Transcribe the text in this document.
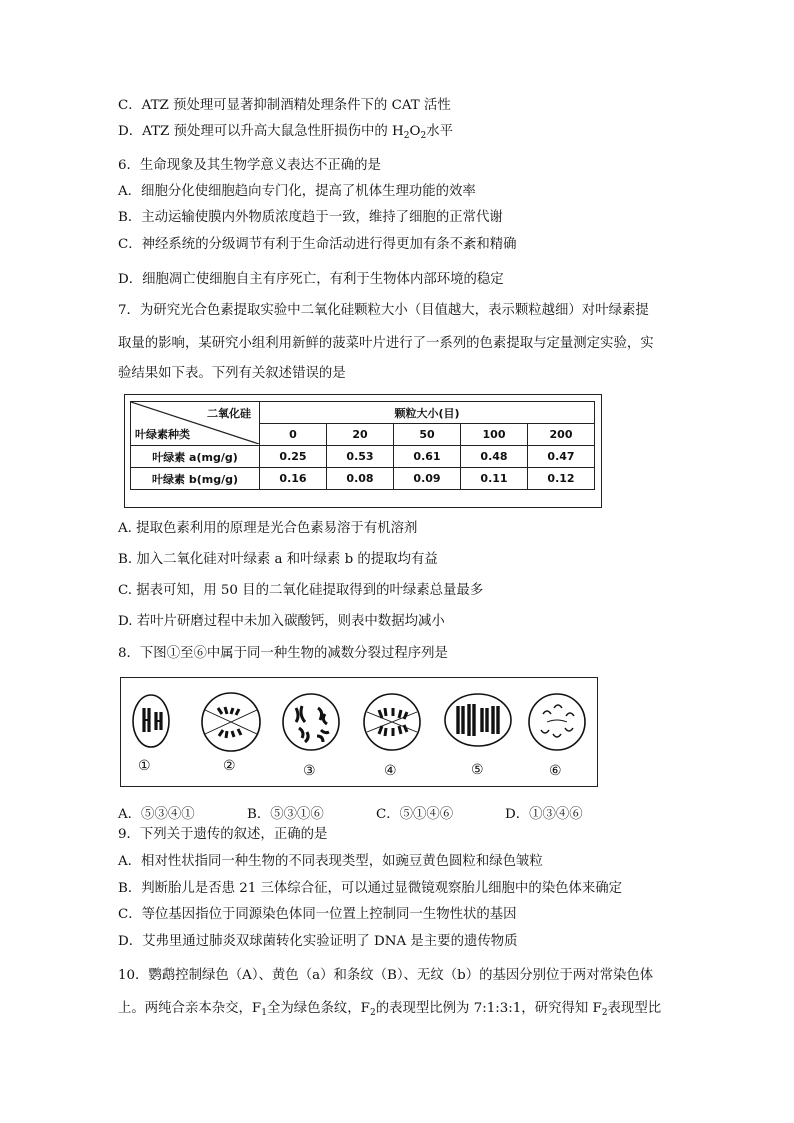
C．ATZ 预处理可显著抑制酒精处理条件下的 CAT 活性
D．ATZ 预处理可以升高大鼠急性肝损伤中的 $H_2O_2$水平
6．生命现象及其生物学意义表达不正确的是
A．细胞分化使细胞趋向专门化，提高了机体生理功能的效率
B．主动运输使膜内外物质浓度趋于一致，维持了细胞的正常代谢
C．神经系统的分级调节有利于生命活动进行得更加有条不紊和精确
D．细胞凋亡使细胞自主有序死亡，有利于生物体内部环境的稳定
7．为研究光合色素提取实验中二氧化硅颗粒大小（目值越大，表示颗粒越细）对叶绿素提
取量的影响，某研究小组利用新鲜的菠菜叶片进行了一系列的色素提取与定量测定实验，实
验结果如下表。下列有关叙述错误的是
二氧化硅
叶绿素种类	颗粒大小(目)				
	0	20	50	100	200
叶绿素 a(mg/g)	0.25	0.53	0.61	0.48	0.47
叶绿素 b(mg/g)	0.16	0.08	0.09	0.11	0.12
A. 提取色素利用的原理是光合色素易溶于有机溶剂
B. 加入二氧化硅对叶绿素 a 和叶绿素 b 的提取均有益
C. 据表可知，用 50 目的二氧化硅提取得到的叶绿素总量最多
D. 若叶片研磨过程中未加入碳酸钙，则表中数据均减小
8．下图①至⑥中属于同一种生物的减数分裂过程序列是
①	②	③	④	⑤	⑥
A．⑤③④①	B．⑤③①⑥	C．⑤①④⑥	D．①③④⑥
9．下列关于遗传的叙述，正确的是
A．相对性状指同一种生物的不同表现类型，如豌豆黄色圆粒和绿色皱粒
B．判断胎儿是否患 21 三体综合征，可以通过显微镜观察胎儿细胞中的染色体来确定
C．等位基因指位于同源染色体同一位置上控制同一生物性状的基因
D．艾弗里通过肺炎双球菌转化实验证明了 DNA 是主要的遗传物质
10．鹦鹉控制绿色（A）、黄色（a）和条纹（B）、无纹（b）的基因分别位于两对常染色体
上。两纯合亲本杂交，$F_1$全为绿色条纹，$F_2$的表现型比例为 7:1:3:1，研究得知 $F_2$表现型比
